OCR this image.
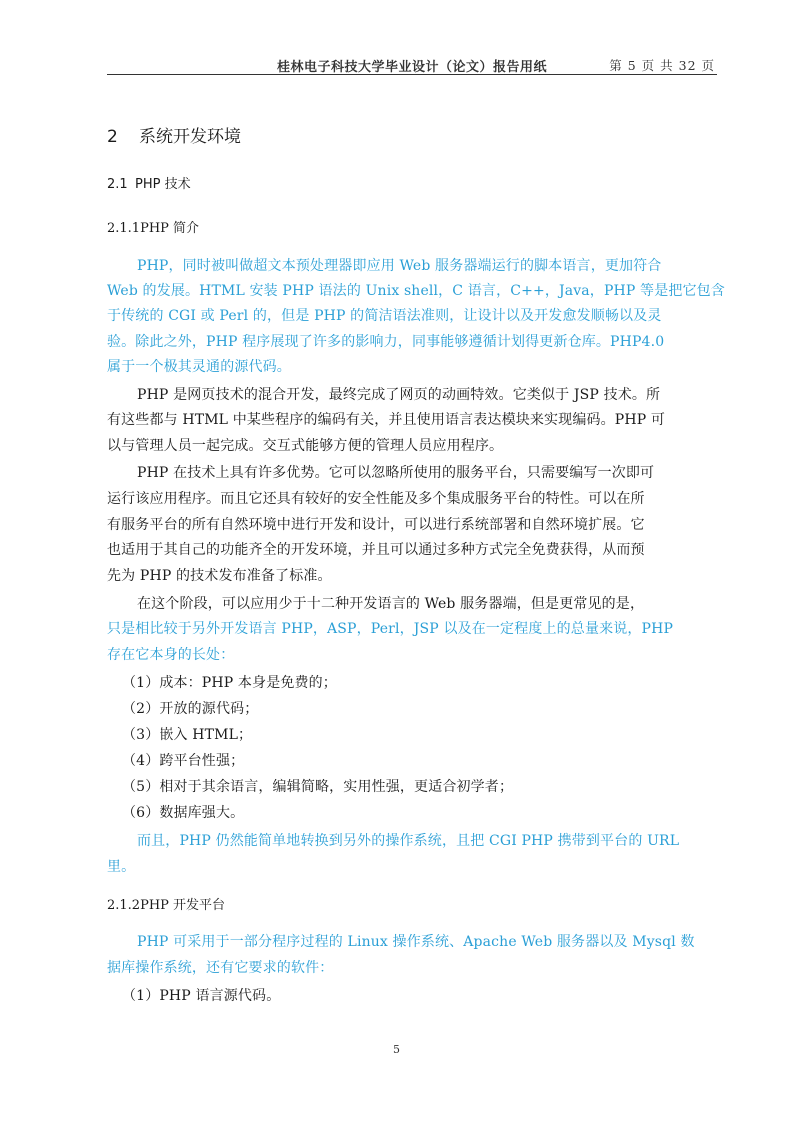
桂林电子科技大学毕业设计（论文）报告用纸	第 5 页 共 32 页
2 系统开发环境
2.1 PHP 技术
2.1.1PHP 简介
PHP，同时被叫做超文本预处理器即应用 Web 服务器端运行的脚本语言，更加符合
Web 的发展。HTML 安装 PHP 语法的 Unix shell，C 语言，C++，Java，PHP 等是把它包含
于传统的 CGI 或 Perl 的，但是 PHP 的简洁语法准则，让设计以及开发愈发顺畅以及灵
验。除此之外，PHP 程序展现了许多的影响力，同事能够遵循计划得更新仓库。PHP4.0
属于一个极其灵通的源代码。
PHP 是网页技术的混合开发，最终完成了网页的动画特效。它类似于 JSP 技术。所
有这些都与 HTML 中某些程序的编码有关，并且使用语言表达模块来实现编码。PHP 可
以与管理人员一起完成。交互式能够方便的管理人员应用程序。
PHP 在技术上具有许多优势。它可以忽略所使用的服务平台，只需要编写一次即可
运行该应用程序。而且它还具有较好的安全性能及多个集成服务平台的特性。可以在所
有服务平台的所有自然环境中进行开发和设计，可以进行系统部署和自然环境扩展。它
也适用于其自己的功能齐全的开发环境，并且可以通过多种方式完全免费获得，从而预
先为 PHP 的技术发布准备了标准。
在这个阶段，可以应用少于十二种开发语言的 Web 服务器端，但是更常见的是，
只是相比较于另外开发语言 PHP，ASP，Perl，JSP 以及在一定程度上的总量来说，PHP
存在它本身的长处：
（1）成本：PHP 本身是免费的；
（2）开放的源代码；
（3）嵌入 HTML；
（4）跨平台性强；
（5）相对于其余语言，编辑简略，实用性强，更适合初学者；
（6）数据库强大。
而且，PHP 仍然能简单地转换到另外的操作系统，且把 CGI PHP 携带到平台的 URL
里。
2.1.2PHP 开发平台
PHP 可采用于一部分程序过程的 Linux 操作系统、Apache Web 服务器以及 Mysql 数
据库操作系统，还有它要求的软件：
（1）PHP 语言源代码。
5
